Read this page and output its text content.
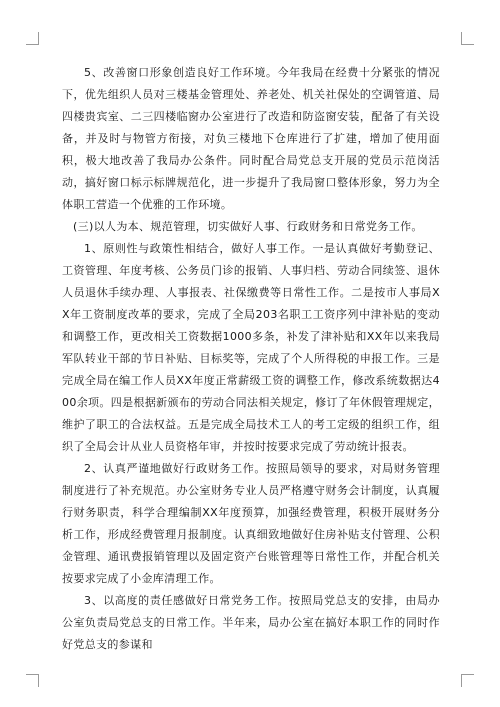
5、改善窗口形象创造良好工作环境。今年我局在经费十分紧张的情况下，优先组织人员对三楼基金管理处、养老处、机关社保处的空调管道、局四楼贵宾室、二三四楼临窗办公室进行了改造和防盗窗安装，配备了有关设备，并及时与物管方衔接，对负三楼地下仓库进行了扩建，增加了使用面积，极大地改善了我局办公条件。同时配合局党总支开展的党员示范岗活动，搞好窗口标示标牌规范化，进一步提升了我局窗口整体形象，努力为全体职工营造一个优雅的工作环境。

(三)以人为本、规范管理，切实做好人事、行政财务和日常党务工作。

1、原则性与政策性相结合，做好人事工作。一是认真做好考勤登记、工资管理、年度考核、公务员门诊的报销、人事归档、劳动合同续签、退休人员退休手续办理、人事报表、社保缴费等日常性工作。二是按市人事局XX年工资制度改革的要求，完成了全局203名职工工资序列中津补贴的变动和调整工作，更改相关工资数据1000多条，补发了津补贴和XX年以来我局军队转业干部的节日补贴、目标奖等，完成了个人所得税的申报工作。三是完成全局在编工作人员XX年度正常薪级工资的调整工作，修改系统数据达400余项。四是根据新颁布的劳动合同法相关规定，修订了年休假管理规定，维护了职工的合法权益。五是完成全局技术工人的考工定级的组织工作，组织了全局会计从业人员资格年审，并按时按要求完成了劳动统计报表。

2、认真严谨地做好行政财务工作。按照局领导的要求，对局财务管理制度进行了补充规范。办公室财务专业人员严格遵守财务会计制度，认真履行财务职责，科学合理编制XX年度预算，加强经费管理，积极开展财务分析工作，形成经费管理月报制度。认真细致地做好住房补贴支付管理、公积金管理、通讯费报销管理以及固定资产台账管理等日常性工作，并配合机关按要求完成了小金库清理工作。

3、以高度的责任感做好日常党务工作。按照局党总支的安排，由局办公室负责局党总支的日常工作。半年来，局办公室在搞好本职工作的同时作好党总支的参谋和
